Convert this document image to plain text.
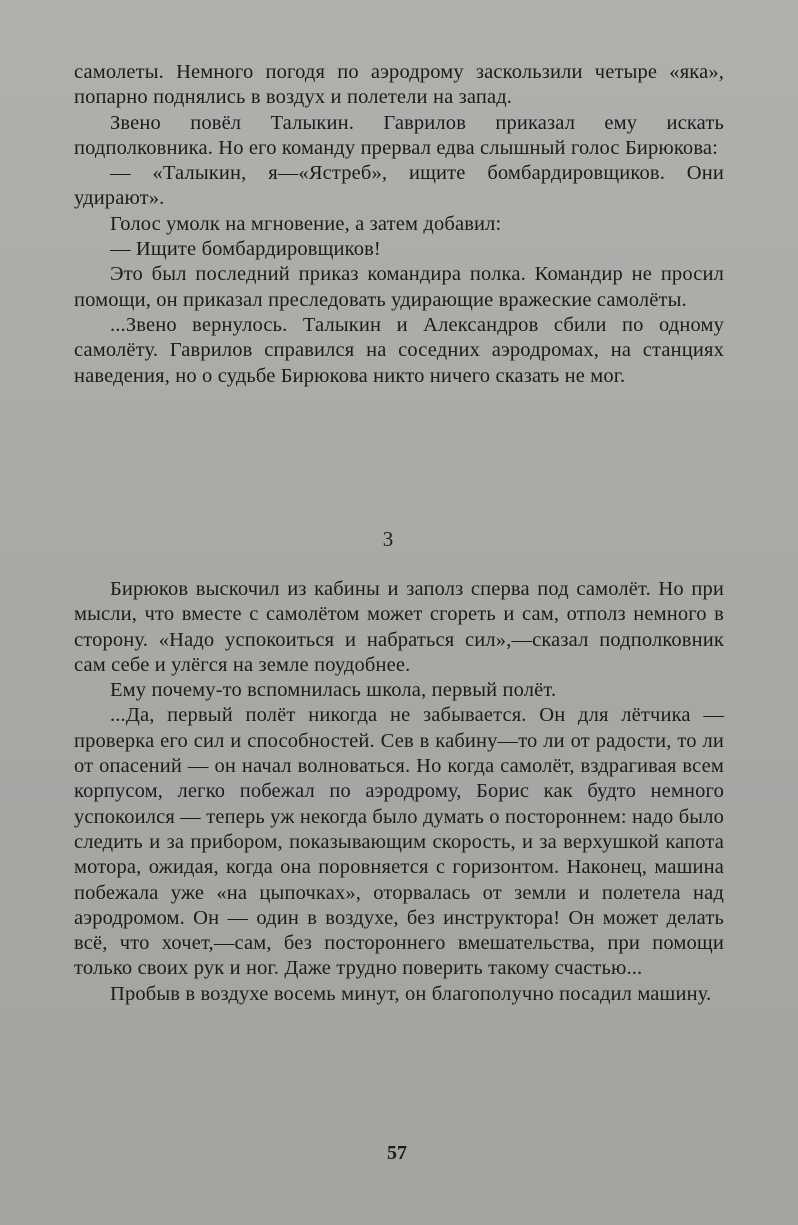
самолеты. Немного погодя по аэродрому заскользили четыре «яка», попарно поднялись в воздух и полетели на запад.

Звено повёл Талыкин. Гаврилов приказал ему искать подполковника. Но его команду прервал едва слышный голос Бирюкова:

— «Талыкин, я—«Ястреб», ищите бомбардировщиков. Они удирают».

Голос умолк на мгновение, а затем добавил:

— Ищите бомбардировщиков!

Это был последний приказ командира полка. Командир не просил помощи, он приказал преследовать удирающие вражеские самолёты.

...Звено вернулось. Талыкин и Александров сбили по одному самолёту. Гаврилов справился на соседних аэродромах, на станциях наведения, но о судьбе Бирюкова никто ничего сказать не мог.

3

Бирюков выскочил из кабины и заполз сперва под самолёт. Но при мысли, что вместе с самолётом может сгореть и сам, отполз немного в сторону. «Надо успокоиться и набраться сил»,—сказал подполковник сам себе и улёгся на земле поудобнее.

Ему почему-то вспомнилась школа, первый полёт.

...Да, первый полёт никогда не забывается. Он для лётчика — проверка его сил и способностей. Сев в кабину—то ли от радости, то ли от опасений — он начал волноваться. Но когда самолёт, вздрагивая всем корпусом, легко побежал по аэродрому, Борис как будто немного успокоился — теперь уж некогда было думать о постороннем: надо было следить и за прибором, показывающим скорость, и за верхушкой капота мотора, ожидая, когда она поровняется с горизонтом. Наконец, машина побежала уже «на цыпочках», оторвалась от земли и полетела над аэродромом. Он — один в воздухе, без инструктора! Он может делать всё, что хочет,—сам, без постороннего вмешательства, при помощи только своих рук и ног. Даже трудно поверить такому счастью...

Пробыв в воздухе восемь минут, он благополучно посадил машину.

57
